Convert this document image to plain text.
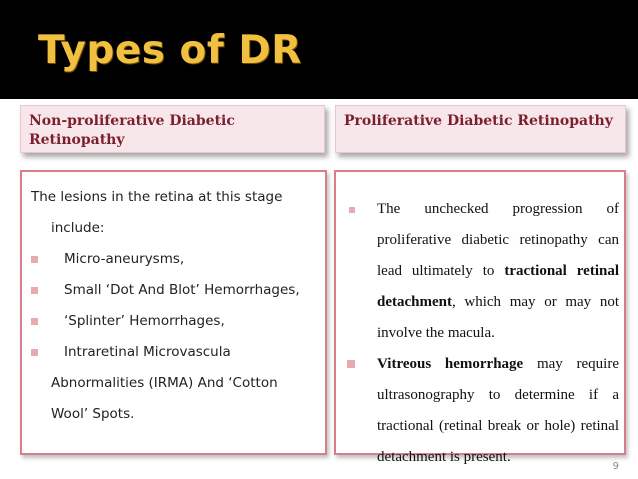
Types of DR
Non-proliferative Diabetic Retinopathy
Proliferative Diabetic Retinopathy
The lesions in the retina at this stage
include:
Micro-aneurysms,
Small ‘Dot And Blot’ Hemorrhages,
‘Splinter’ Hemorrhages,
Intraretinal Microvascula
Abnormalities (IRMA) And ‘Cotton
Wool’ Spots.
The unchecked progression of proliferative diabetic retinopathy can lead ultimately to tractional retinal detachment, which may or may not involve the macula.
Vitreous hemorrhage may require ultrasonography to determine if a tractional (retinal break or hole) retinal detachment is present.
9
